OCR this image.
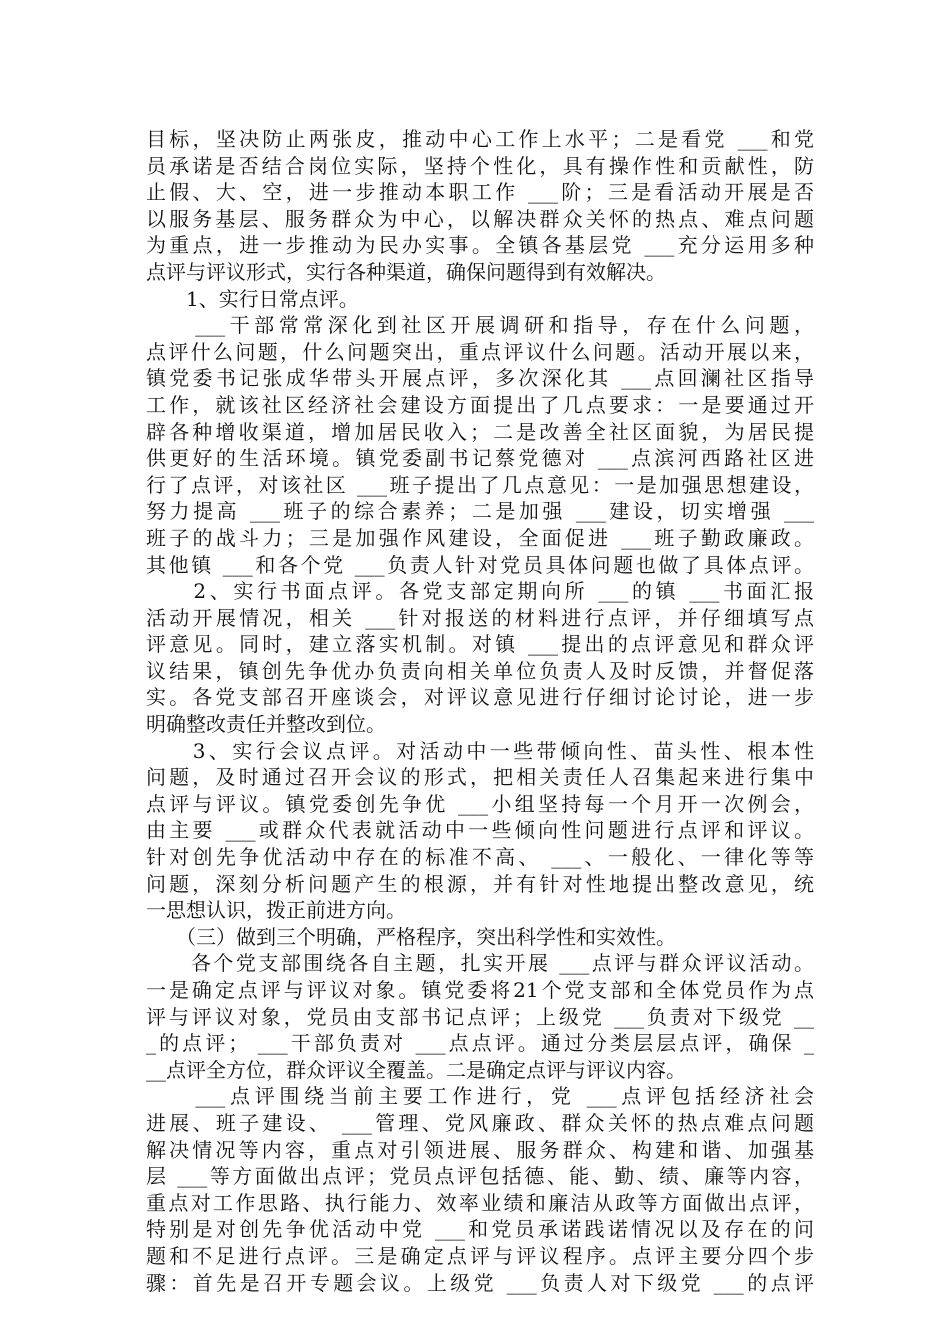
目标，坚决防止两张皮，推动中心工作上水平；二是看党 ___和党
员承诺是否结合岗位实际，坚持个性化，具有操作性和贡献性，防
止假、大、空，进一步推动本职工作 ___阶；三是看活动开展是否
以服务基层、服务群众为中心，以解决群众关怀的热点、难点问题
为重点，进一步推动为民办实事。全镇各基层党 ___充分运用多种
点评与评议形式，实行各种渠道，确保问题得到有效解决。
　　1、实行日常点评。
　　___干部常常深化到社区开展调研和指导，存在什么问题，
点评什么问题，什么问题突出，重点评议什么问题。活动开展以来，
镇党委书记张成华带头开展点评，多次深化其 ___点回澜社区指导
工作，就该社区经济社会建设方面提出了几点要求：一是要通过开
辟各种增收渠道，增加居民收入；二是改善全社区面貌，为居民提
供更好的生活环境。镇党委副书记蔡党德对 ___点滨河西路社区进
行了点评，对该社区 ___班子提出了几点意见：一是加强思想建设，
努力提高 ___班子的综合素养；二是加强 ___建设，切实增强 ___
班子的战斗力；三是加强作风建设，全面促进 ___班子勤政廉政。
其他镇 ___和各个党 ___负责人针对党员具体问题也做了具体点评。
　　2、实行书面点评。各党支部定期向所 ___的镇 ___书面汇报
活动开展情况，相关 ___针对报送的材料进行点评，并仔细填写点
评意见。同时，建立落实机制。对镇 ___提出的点评意见和群众评
议结果，镇创先争优办负责向相关单位负责人及时反馈，并督促落
实。各党支部召开座谈会，对评议意见进行仔细讨论讨论，进一步
明确整改责任并整改到位。
　　3、实行会议点评。对活动中一些带倾向性、苗头性、根本性
问题，及时通过召开会议的形式，把相关责任人召集起来进行集中
点评与评议。镇党委创先争优 ___小组坚持每一个月开一次例会，
由主要 ___或群众代表就活动中一些倾向性问题进行点评和评议。
针对创先争优活动中存在的标准不高、 ___、一般化、一律化等等
问题，深刻分析问题产生的根源，并有针对性地提出整改意见，统
一思想认识，拨正前进方向。
　　（三）做到三个明确，严格程序，突出科学性和实效性。
　　各个党支部围绕各自主题，扎实开展 ___点评与群众评议活动。
一是确定点评与评议对象。镇党委将21个党支部和全体党员作为点
评与评议对象，党员由支部书记点评；上级党 ___负责对下级党 __
_的点评； ___干部负责对 ___点点评。通过分类层层点评，确保 _
__点评全方位，群众评议全覆盖。二是确定点评与评议内容。
　　___点评围绕当前主要工作进行，党 ___点评包括经济社会
进展、班子建设、 ___管理、党风廉政、群众关怀的热点难点问题
解决情况等内容，重点对引领进展、服务群众、构建和谐、加强基
层 ___等方面做出点评；党员点评包括德、能、勤、绩、廉等内容，
重点对工作思路、执行能力、效率业绩和廉洁从政等方面做出点评，
特别是对创先争优活动中党 ___和党员承诺践诺情况以及存在的问
题和不足进行点评。三是确定点评与评议程序。点评主要分四个步
骤：首先是召开专题会议。上级党 ___负责人对下级党 ___的点评
